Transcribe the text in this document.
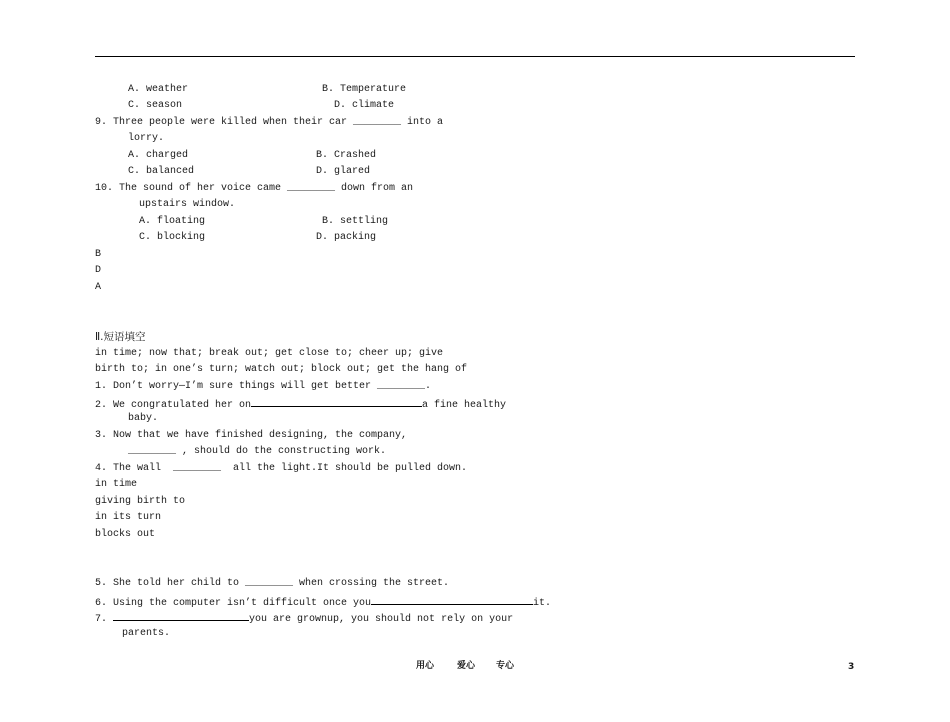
A. weather	B. Temperature
C. season	D. climate
9. Three people were killed when their car ________ into a
lorry.
A. charged	B. Crashed
C. balanced	D. glared
10. The sound of her voice came ________ down from an
upstairs window.
A. floating	B. settling
C. blocking	D. packing
B
D
A
Ⅱ.短语填空
in time; now that; break out; get close to; cheer up; give
birth to; in one’s turn; watch out; block out; get the hang of
1. Don’t worry—I’m sure things will get better ________.
2. We congratulated her on	a fine healthy
baby.
3. Now that we have finished designing, the company,
________ , should do the constructing work.
4. The wall  ________  all the light.It should be pulled down.
in time
giving birth to
in its turn
blocks out
5. She told her child to ________ when crossing the street.
6. Using the computer isn’t difficult once you	it.
7.	you are grownup, you should not rely on your
parents.
用心	爱心 专心	3
